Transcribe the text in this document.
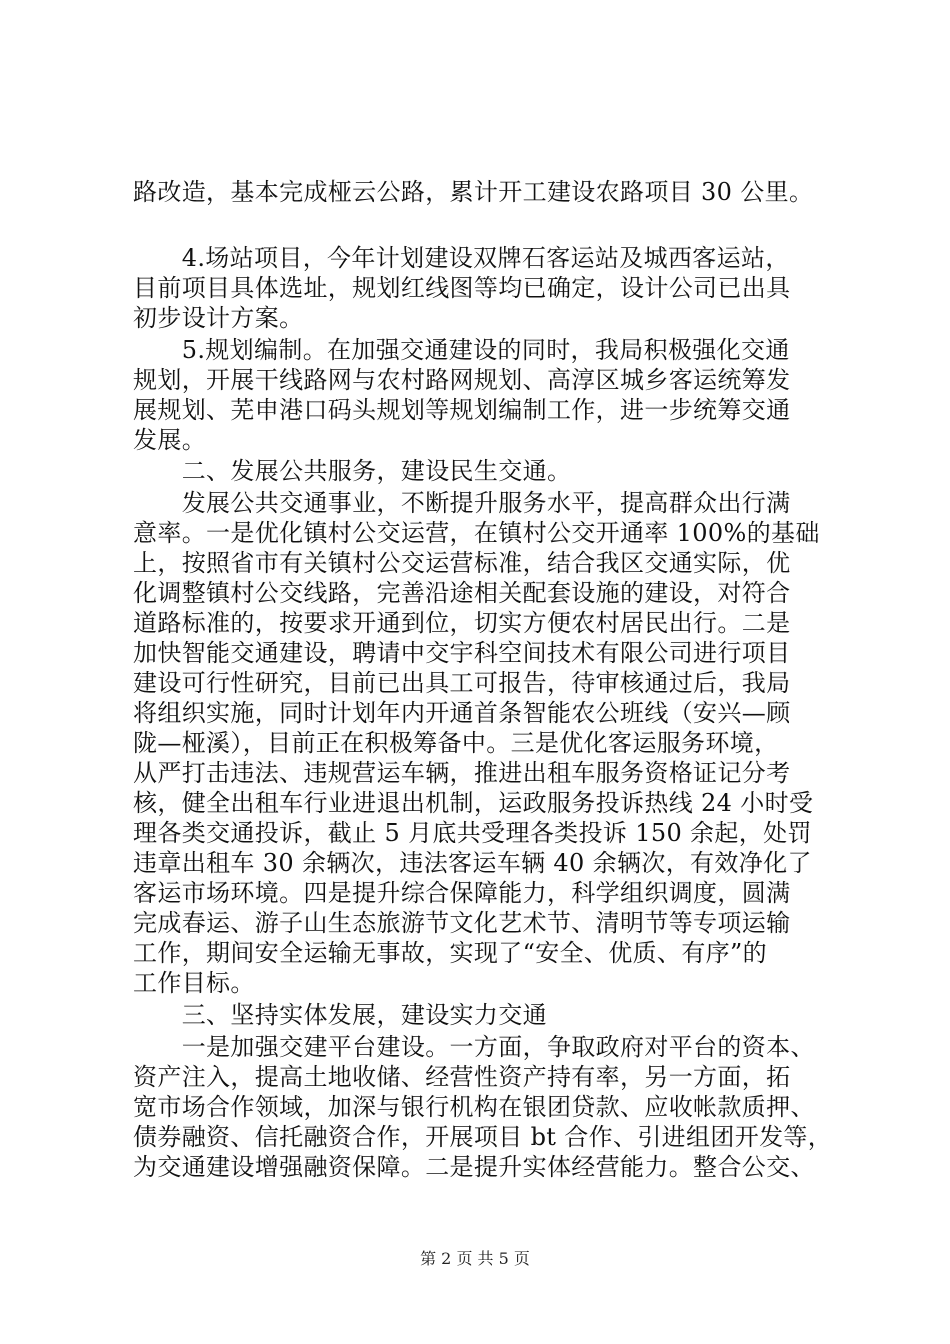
路改造，基本完成桠云公路，累计开工建设农路项目 30 公里。
　　4.场站项目，今年计划建设双牌石客运站及城西客运站，
目前项目具体选址，规划红线图等均已确定，设计公司已出具
初步设计方案。
　　5.规划编制。在加强交通建设的同时，我局积极强化交通
规划，开展干线路网与农村路网规划、高淳区城乡客运统筹发
展规划、芜申港口码头规划等规划编制工作，进一步统筹交通
发展。
　　二、发展公共服务，建设民生交通。
　　发展公共交通事业，不断提升服务水平，提高群众出行满
意率。一是优化镇村公交运营，在镇村公交开通率 100%的基础
上，按照省市有关镇村公交运营标准，结合我区交通实际，优
化调整镇村公交线路，完善沿途相关配套设施的建设，对符合
道路标准的，按要求开通到位，切实方便农村居民出行。二是
加快智能交通建设，聘请中交宇科空间技术有限公司进行项目
建设可行性研究，目前已出具工可报告，待审核通过后，我局
将组织实施，同时计划年内开通首条智能农公班线（安兴—顾
陇—桠溪），目前正在积极筹备中。三是优化客运服务环境，
从严打击违法、违规营运车辆，推进出租车服务资格证记分考
核，健全出租车行业进退出机制，运政服务投诉热线 24 小时受
理各类交通投诉，截止 5 月底共受理各类投诉 150 余起，处罚
违章出租车 30 余辆次，违法客运车辆 40 余辆次，有效净化了
客运市场环境。四是提升综合保障能力，科学组织调度，圆满
完成春运、游子山生态旅游节文化艺术节、清明节等专项运输
工作，期间安全运输无事故，实现了“安全、优质、有序”的
工作目标。
　　三、坚持实体发展，建设实力交通
　　一是加强交建平台建设。一方面，争取政府对平台的资本、
资产注入，提高土地收储、经营性资产持有率，另一方面，拓
宽市场合作领域，加深与银行机构在银团贷款、应收帐款质押、
债券融资、信托融资合作，开展项目 bt 合作、引进组团开发等，
为交通建设增强融资保障。二是提升实体经营能力。整合公交、
第 2 页 共 5 页
